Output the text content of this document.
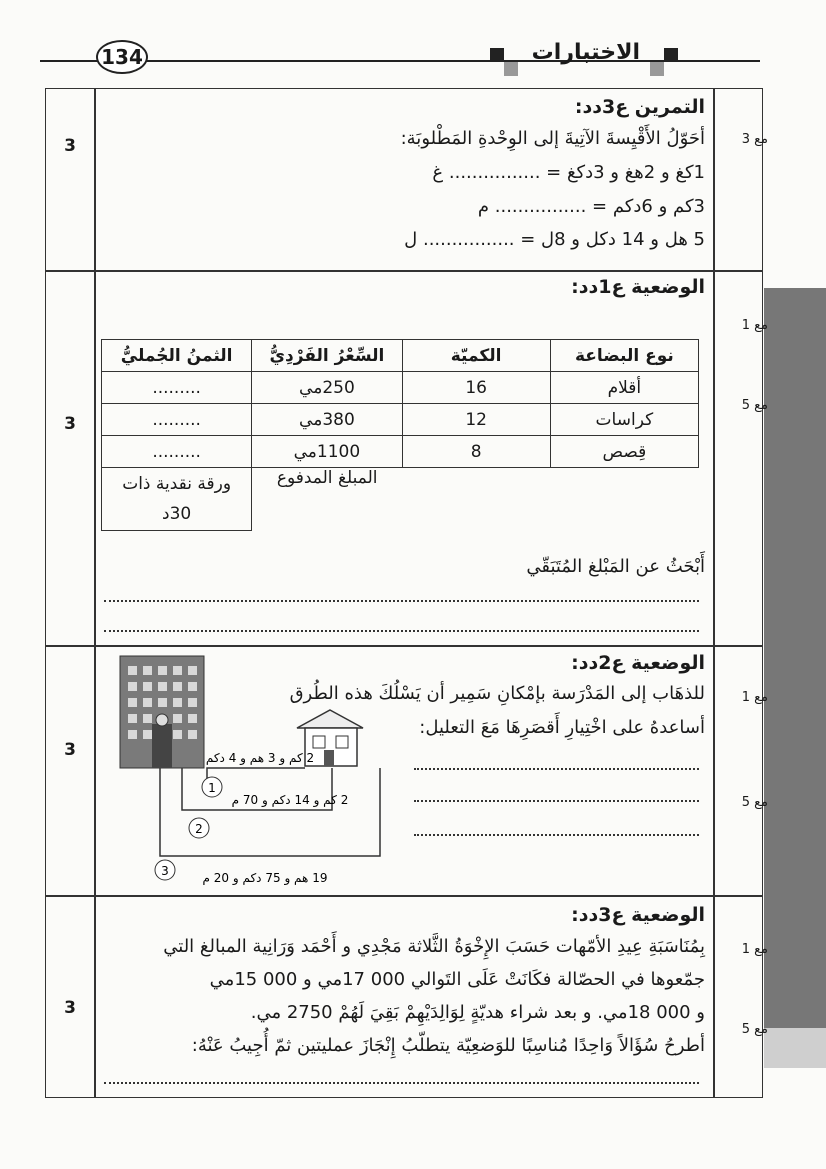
134	الاختبارات
مع 3
3
التمرين ع3دد:
أحَوّلُ الأَقْيِسةَ الآتِيةَ إلى الوِحْدةِ المَطْلوبَة:
1كغ و 2هغ و 3دكغ = ................ غ
3كم و 6دكم = ................ م
5 هل و 14 دكل و 8ل = ................ ل
مع 1
مع 5
3
الوضعية ع1دد:
نوع البضاعة	الكميّة	السِّعْرُ الفَرْدِيُّ	الثمنُ الجُمليُّ
أقلام	16	250مي	.........
كراسات	12	380مي	.........
قِصص	8	1100مي	.........
		المبلغ المدفوع	ورقة نقدية ذات
30د
أَبْحَثُ عن المَبْلغ المُتَبَقّي
مع 1
مع 5
3
الوضعية ع2دد:
للذهَاب إلى المَدْرَسة بإمْكانِ سَمِير أن يَسْلُكَ هذه الطُرق
أساعدهُ على اخْتِيارِ أَقصَرِهَا مَعَ التعليل:
1
2
3
2 كم و 3 هم و 4 دكم
2 كم و 14 دكم و 70 م
19 هم و 75 دكم و 20 م
مع 1
مع 5
3
الوضعية ع3دد:
بِمُنَاسَبَةِ عِيدِ الأمّهات حَسَبَ الإِخْوَةُ الثَّلاثة مَجْدِي و أَحْمَد وَرَانِية المبالغ التي
جمّعوها في الحصّالة فكَانَتْ عَلَى التَوالي 000 17مي و 000 15مي
و 000 18مي. و بعد شراء هديّةٍ لِوَالِدَيْهِمْ بَقِيَ لَهُمْ 2750 مي.
أطرحُ سُؤَالاً وَاحِدًا مُناسِبًا للوَضعِيّة يتطلّبُ إِنْجَازَ عمليتين ثمّ أُجِيبُ عَنْهُ:
